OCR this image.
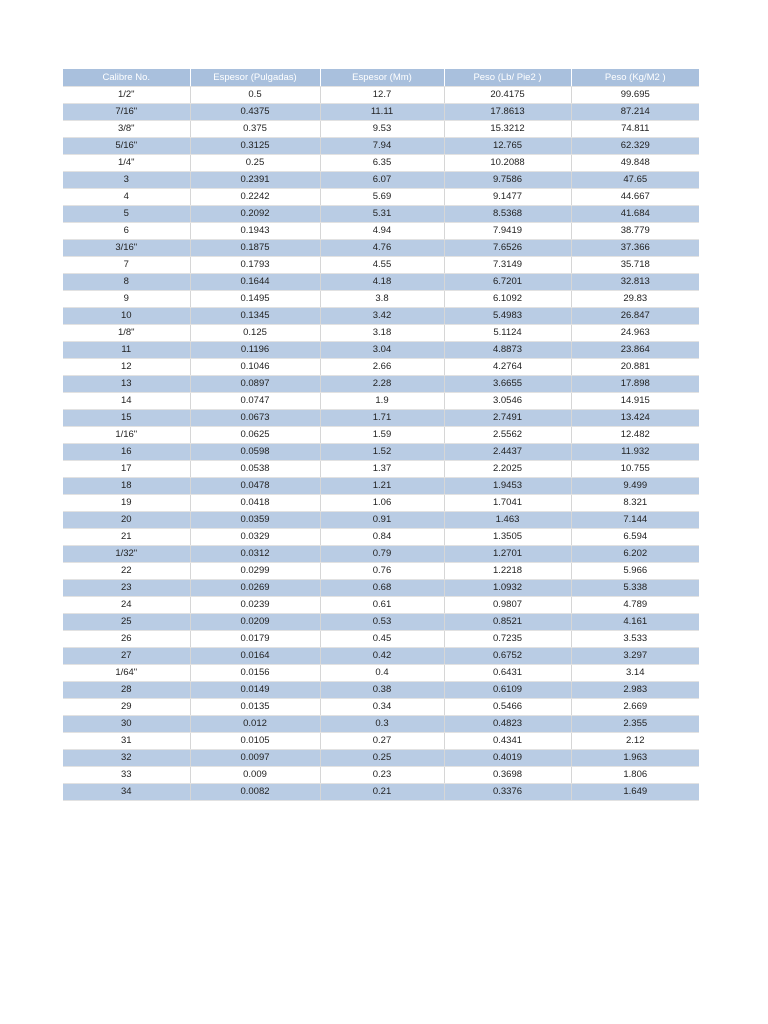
Calibre No.	Espesor (Pulgadas)	Espesor (Mm)	Peso (Lb/ Pie2 )	Peso (Kg/M2 )
1/2"	0.5	12.7	20.4175	99.695
7/16"	0.4375	11.11	17.8613	87.214
3/8"	0.375	9.53	15.3212	74.811
5/16"	0.3125	7.94	12.765	62.329
1/4"	0.25	6.35	10.2088	49.848
3	0.2391	6.07	9.7586	47.65
4	0.2242	5.69	9.1477	44.667
5	0.2092	5.31	8.5368	41.684
6	0.1943	4.94	7.9419	38.779
3/16"	0.1875	4.76	7.6526	37.366
7	0.1793	4.55	7.3149	35.718
8	0.1644	4.18	6.7201	32.813
9	0.1495	3.8	6.1092	29.83
10	0.1345	3.42	5.4983	26.847
1/8"	0.125	3.18	5.1124	24.963
11	0.1196	3.04	4.8873	23.864
12	0.1046	2.66	4.2764	20.881
13	0.0897	2.28	3.6655	17.898
14	0.0747	1.9	3.0546	14.915
15	0.0673	1.71	2.7491	13.424
1/16"	0.0625	1.59	2.5562	12.482
16	0.0598	1.52	2.4437	11.932
17	0.0538	1.37	2.2025	10.755
18	0.0478	1.21	1.9453	9.499
19	0.0418	1.06	1.7041	8.321
20	0.0359	0.91	1.463	7.144
21	0.0329	0.84	1.3505	6.594
1/32"	0.0312	0.79	1.2701	6.202
22	0.0299	0.76	1.2218	5.966
23	0.0269	0.68	1.0932	5.338
24	0.0239	0.61	0.9807	4.789
25	0.0209	0.53	0.8521	4.161
26	0.0179	0.45	0.7235	3.533
27	0.0164	0.42	0.6752	3.297
1/64"	0.0156	0.4	0.6431	3.14
28	0.0149	0.38	0.6109	2.983
29	0.0135	0.34	0.5466	2.669
30	0.012	0.3	0.4823	2.355
31	0.0105	0.27	0.4341	2.12
32	0.0097	0.25	0.4019	1.963
33	0.009	0.23	0.3698	1.806
34	0.0082	0.21	0.3376	1.649
